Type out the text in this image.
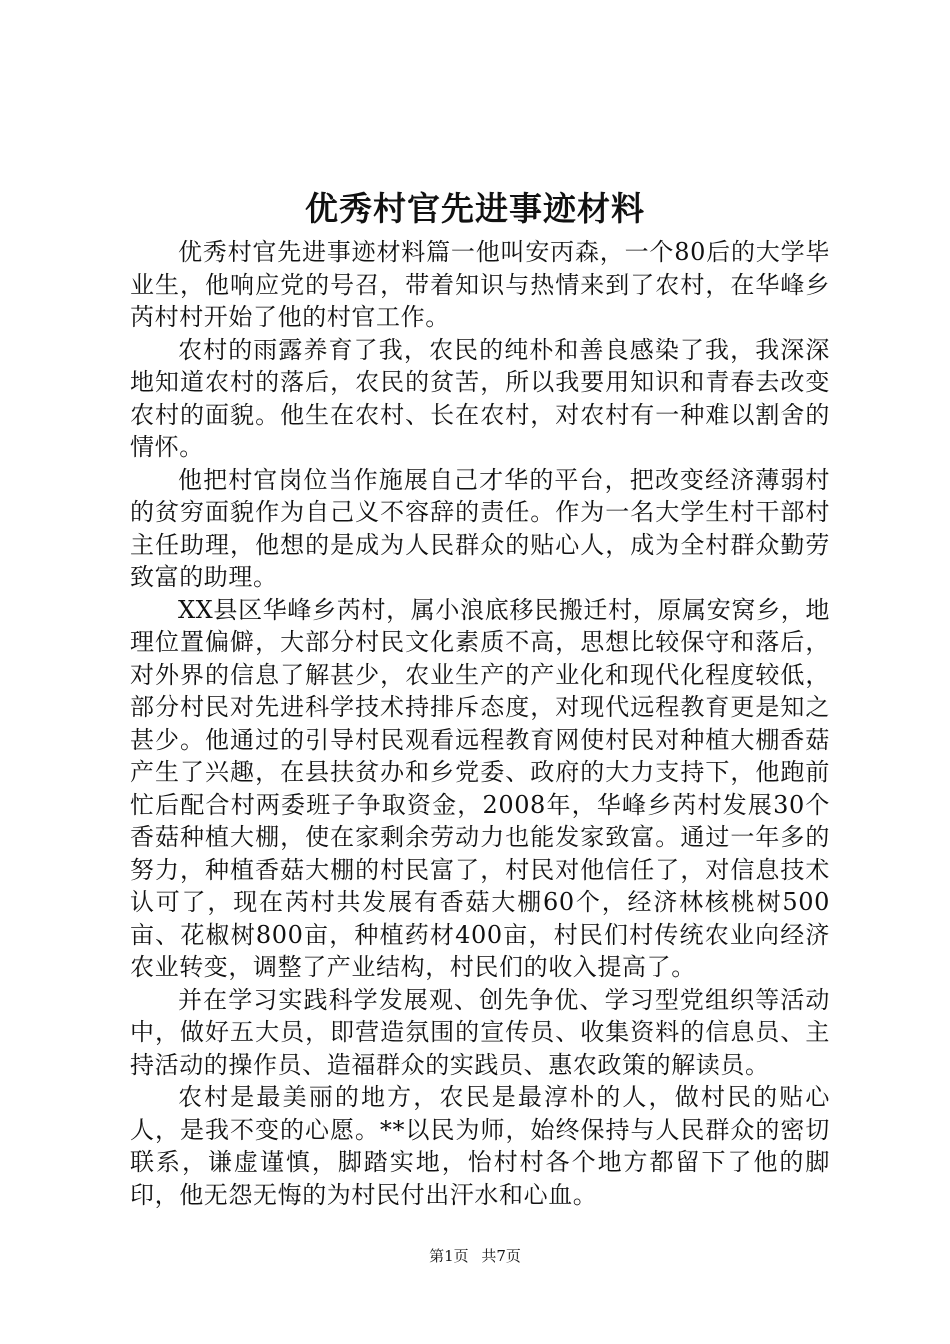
优秀村官先进事迹材料

优秀村官先进事迹材料篇一他叫安丙森，一个80后的大学毕业生，他响应党的号召，带着知识与热情来到了农村，在华峰乡芮村村开始了他的村官工作。

农村的雨露养育了我，农民的纯朴和善良感染了我，我深深地知道农村的落后，农民的贫苦，所以我要用知识和青春去改变农村的面貌。他生在农村、长在农村，对农村有一种难以割舍的情怀。

他把村官岗位当作施展自己才华的平台，把改变经济薄弱村的贫穷面貌作为自己义不容辞的责任。作为一名大学生村干部村主任助理，他想的是成为人民群众的贴心人，成为全村群众勤劳致富的助理。

XX县区华峰乡芮村，属小浪底移民搬迁村，原属安窝乡，地理位置偏僻，大部分村民文化素质不高，思想比较保守和落后，对外界的信息了解甚少，农业生产的产业化和现代化程度较低，部分村民对先进科学技术持排斥态度，对现代远程教育更是知之甚少。他通过的引导村民观看远程教育网使村民对种植大棚香菇产生了兴趣，在县扶贫办和乡党委、政府的大力支持下，他跑前忙后配合村两委班子争取资金，2008年，华峰乡芮村发展30个香菇种植大棚，使在家剩余劳动力也能发家致富。通过一年多的努力，种植香菇大棚的村民富了，村民对他信任了，对信息技术认可了，现在芮村共发展有香菇大棚60个，经济林核桃树500亩、花椒树800亩，种植药材400亩，村民们村传统农业向经济农业转变，调整了产业结构，村民们的收入提高了。

并在学习实践科学发展观、创先争优、学习型党组织等活动中，做好五大员，即营造氛围的宣传员、收集资料的信息员、主持活动的操作员、造福群众的实践员、惠农政策的解读员。

农村是最美丽的地方，农民是最淳朴的人，做村民的贴心人，是我不变的心愿。**以民为师，始终保持与人民群众的密切联系，谦虚谨慎，脚踏实地，怡村村各个地方都留下了他的脚印，他无怨无悔的为村民付出汗水和心血。

第1页 共7页
